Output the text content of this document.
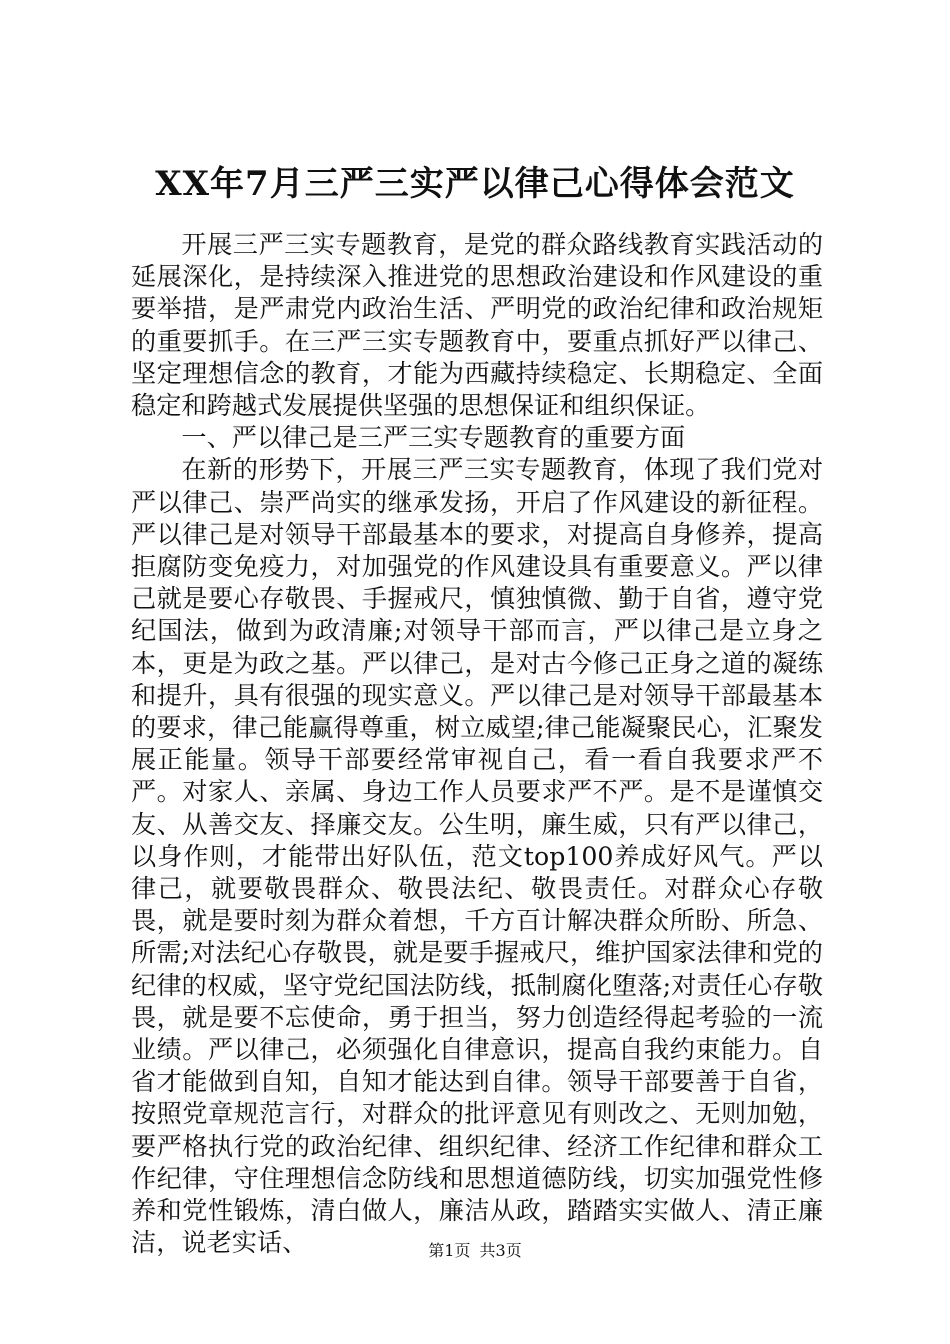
XX年7月三严三实严以律己心得体会范文

开展三严三实专题教育，是党的群众路线教育实践活动的延展深化，是持续深入推进党的思想政治建设和作风建设的重要举措，是严肃党内政治生活、严明党的政治纪律和政治规矩的重要抓手。在三严三实专题教育中，要重点抓好严以律己、坚定理想信念的教育，才能为西藏持续稳定、长期稳定、全面稳定和跨越式发展提供坚强的思想保证和组织保证。

一、严以律己是三严三实专题教育的重要方面

在新的形势下，开展三严三实专题教育，体现了我们党对严以律己、崇严尚实的继承发扬，开启了作风建设的新征程。严以律己是对领导干部最基本的要求，对提高自身修养，提高拒腐防变免疫力，对加强党的作风建设具有重要意义。严以律己就是要心存敬畏、手握戒尺，慎独慎微、勤于自省，遵守党纪国法，做到为政清廉;对领导干部而言，严以律己是立身之本，更是为政之基。严以律己，是对古今修己正身之道的凝练和提升，具有很强的现实意义。严以律己是对领导干部最基本的要求，律己能赢得尊重，树立威望;律己能凝聚民心，汇聚发展正能量。领导干部要经常审视自己，看一看自我要求严不严。对家人、亲属、身边工作人员要求严不严。是不是谨慎交友、从善交友、择廉交友。公生明，廉生威，只有严以律己，以身作则，才能带出好队伍，范文top100养成好风气。严以律己，就要敬畏群众、敬畏法纪、敬畏责任。对群众心存敬畏，就是要时刻为群众着想，千方百计解决群众所盼、所急、所需;对法纪心存敬畏，就是要手握戒尺，维护国家法律和党的纪律的权威，坚守党纪国法防线，抵制腐化堕落;对责任心存敬畏，就是要不忘使命，勇于担当，努力创造经得起考验的一流业绩。严以律己，必须强化自律意识，提高自我约束能力。自省才能做到自知，自知才能达到自律。领导干部要善于自省，按照党章规范言行，对群众的批评意见有则改之、无则加勉，要严格执行党的政治纪律、组织纪律、经济工作纪律和群众工作纪律，守住理想信念防线和思想道德防线，切实加强党性修养和党性锻炼，清白做人，廉洁从政，踏踏实实做人、清正廉洁，说老实话、	第1页 共3页
